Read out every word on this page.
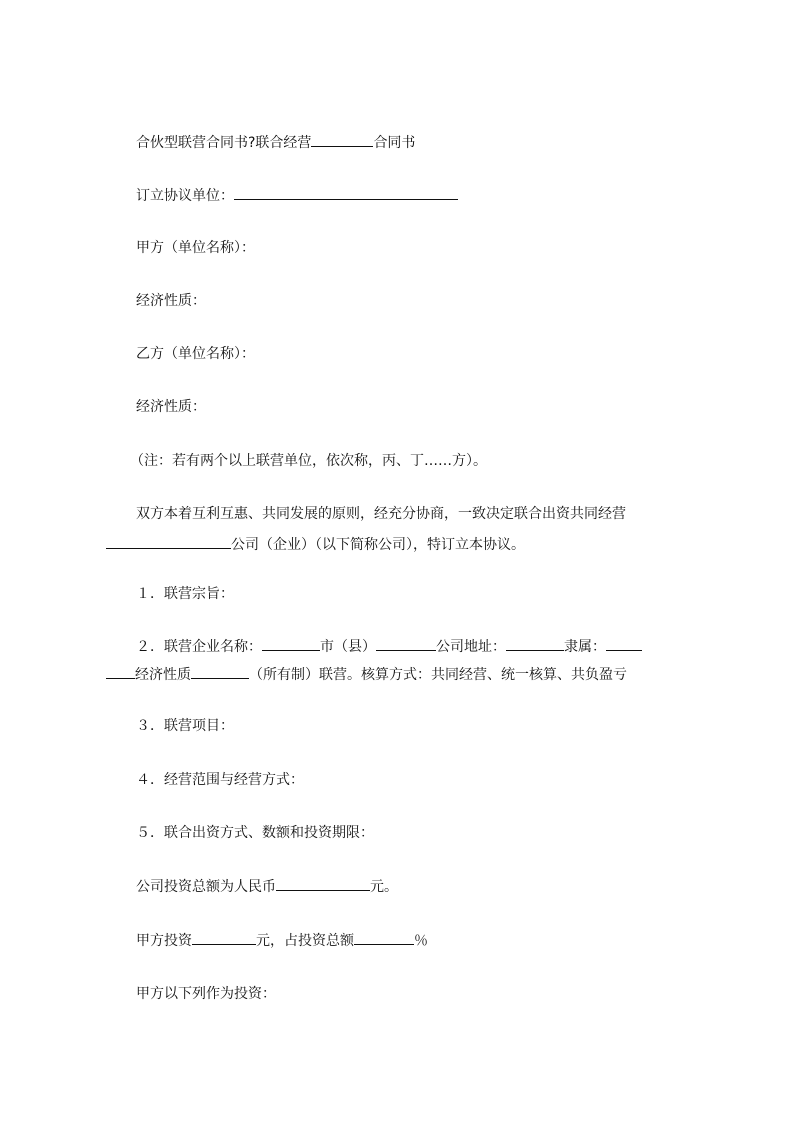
合伙型联营合同书?联合经营	合同书
订立协议单位：
甲方（单位名称）：
经济性质：
乙方（单位名称）：
经济性质：
（注：若有两个以上联营单位，依次称，丙、丁……方）。
双方本着互利互惠、共同发展的原则，经充分协商，一致决定联合出资共同经营
公司（企业）（以下简称公司），特订立本协议。
１．联营宗旨：
２．联营企业名称：	市（县）	公司地址：	隶属：
经济性质	（所有制）联营。核算方式：共同经营、统一核算、共负盈亏
３．联营项目：
４．经营范围与经营方式：
５．联合出资方式、数额和投资期限：
公司投资总额为人民币	元。
甲方投资	元，占投资总额	％
甲方以下列作为投资：
